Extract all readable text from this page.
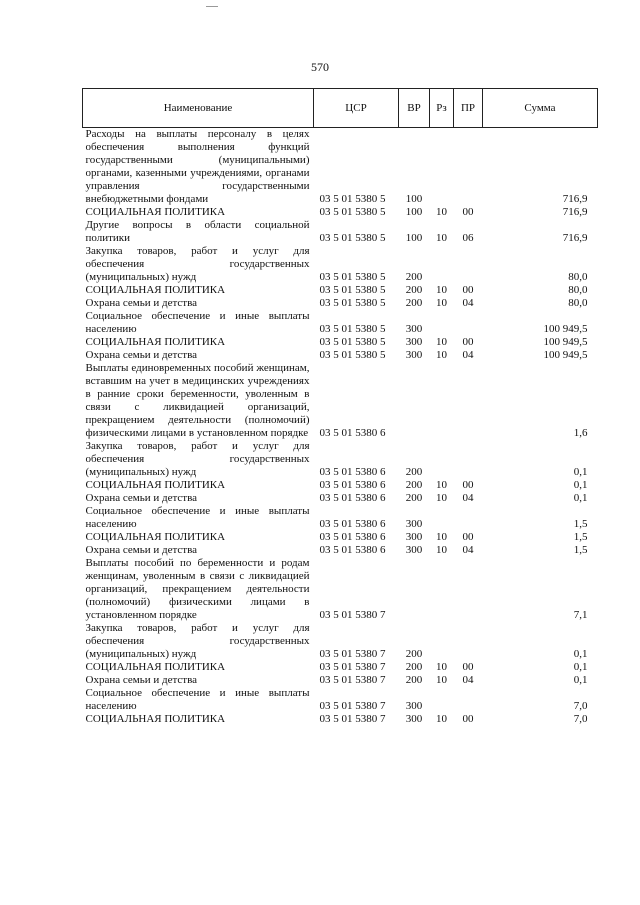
570
Наименование	ЦСР	ВР	Рз	ПР	Сумма
Расходы на выплаты персоналу в целях обеспечения выполнения функций государственными (муниципальными) органами, казенными учреждениями, органами управления государственными внебюджетными фондами	03 5 01 5380 5	100			716,9
СОЦИАЛЬНАЯ ПОЛИТИКА	03 5 01 5380 5	100	10	00	716,9
Другие вопросы в области социальной политики	03 5 01 5380 5	100	10	06	716,9
Закупка товаров, работ и услуг для обеспечения государственных (муниципальных) нужд	03 5 01 5380 5	200			80,0
СОЦИАЛЬНАЯ ПОЛИТИКА	03 5 01 5380 5	200	10	00	80,0
Охрана семьи и детства	03 5 01 5380 5	200	10	04	80,0
Социальное обеспечение и иные выплаты населению	03 5 01 5380 5	300			100 949,5
СОЦИАЛЬНАЯ ПОЛИТИКА	03 5 01 5380 5	300	10	00	100 949,5
Охрана семьи и детства	03 5 01 5380 5	300	10	04	100 949,5
Выплаты единовременных пособий женщинам, вставшим на учет в медицинских учреждениях в ранние сроки беременности, уволенным в связи с ликвидацией организаций, прекращением деятельности (полномочий) физическими лицами в установленном порядке	03 5 01 5380 6				1,6
Закупка товаров, работ и услуг для обеспечения государственных (муниципальных) нужд	03 5 01 5380 6	200			0,1
СОЦИАЛЬНАЯ ПОЛИТИКА	03 5 01 5380 6	200	10	00	0,1
Охрана семьи и детства	03 5 01 5380 6	200	10	04	0,1
Социальное обеспечение и иные выплаты населению	03 5 01 5380 6	300			1,5
СОЦИАЛЬНАЯ ПОЛИТИКА	03 5 01 5380 6	300	10	00	1,5
Охрана семьи и детства	03 5 01 5380 6	300	10	04	1,5
Выплаты пособий по беременности и родам женщинам, уволенным в связи с ликвидацией организаций, прекращением деятельности (полномочий) физическими лицами в установленном порядке	03 5 01 5380 7				7,1
Закупка товаров, работ и услуг для обеспечения государственных (муниципальных) нужд	03 5 01 5380 7	200			0,1
СОЦИАЛЬНАЯ ПОЛИТИКА	03 5 01 5380 7	200	10	00	0,1
Охрана семьи и детства	03 5 01 5380 7	200	10	04	0,1
Социальное обеспечение и иные выплаты населению	03 5 01 5380 7	300			7,0
СОЦИАЛЬНАЯ ПОЛИТИКА	03 5 01 5380 7	300	10	00	7,0
